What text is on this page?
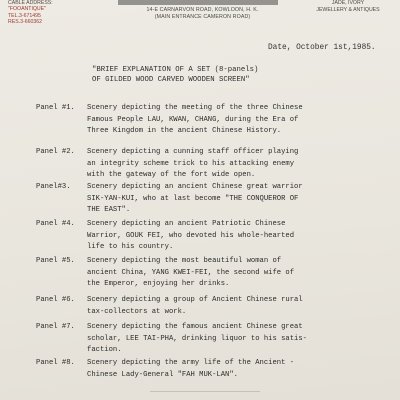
CABLE ADDRESS:
"FOOANTIQUE"
TEL.3-671495
RES.3-660362
14-E CARNARVON ROAD, KOWLOON, H. K.
(MAIN ENTRANCE CAMERON ROAD)
JADE, IVORY
JEWELLERY & ANTIQUES
Date, October 1st,1985.
"BRIEF EXPLANATION OF A SET (8-panels)
OF GILDED WOOD CARVED WOODEN SCREEN"
Panel #1. Scenery depicting the meeting of the three Chinese
Famous People LAU, KWAN, CHANG, during the Era of
Three Kingdom in the ancient Chinese History.
Panel #2. Scenery depicting a cunning staff officer playing
an integrity scheme trick to his attacking enemy
with the gateway of the fort wide open.
Panel#3. Scenery depicting an ancient Chinese great warrior
SIK-YAN-KUI, who at last become "THE CONQUEROR OF
THE EAST".
Panel #4. Scenery depicting an ancient Patriotic Chinese
Warrior, GOUK FEI, who devoted his whole-hearted
life to his country.
Panel #5. Scenery depicting the most beautiful woman of
ancient China, YANG KWEI-FEI, the second wife of
the Emperor, enjoying her drinks.
Panel #6. Scenery depicting a group of Ancient Chinese rural
tax-collectors at work.
Panel #7. Scenery depicting the famous ancient Chinese great
scholar, LEE TAI-PHA, drinking liquor to his satis-
faction.
Panel #8. Scenery depicting the army life of the Ancient -
Chinese Lady-General "FAH MUK-LAN".
